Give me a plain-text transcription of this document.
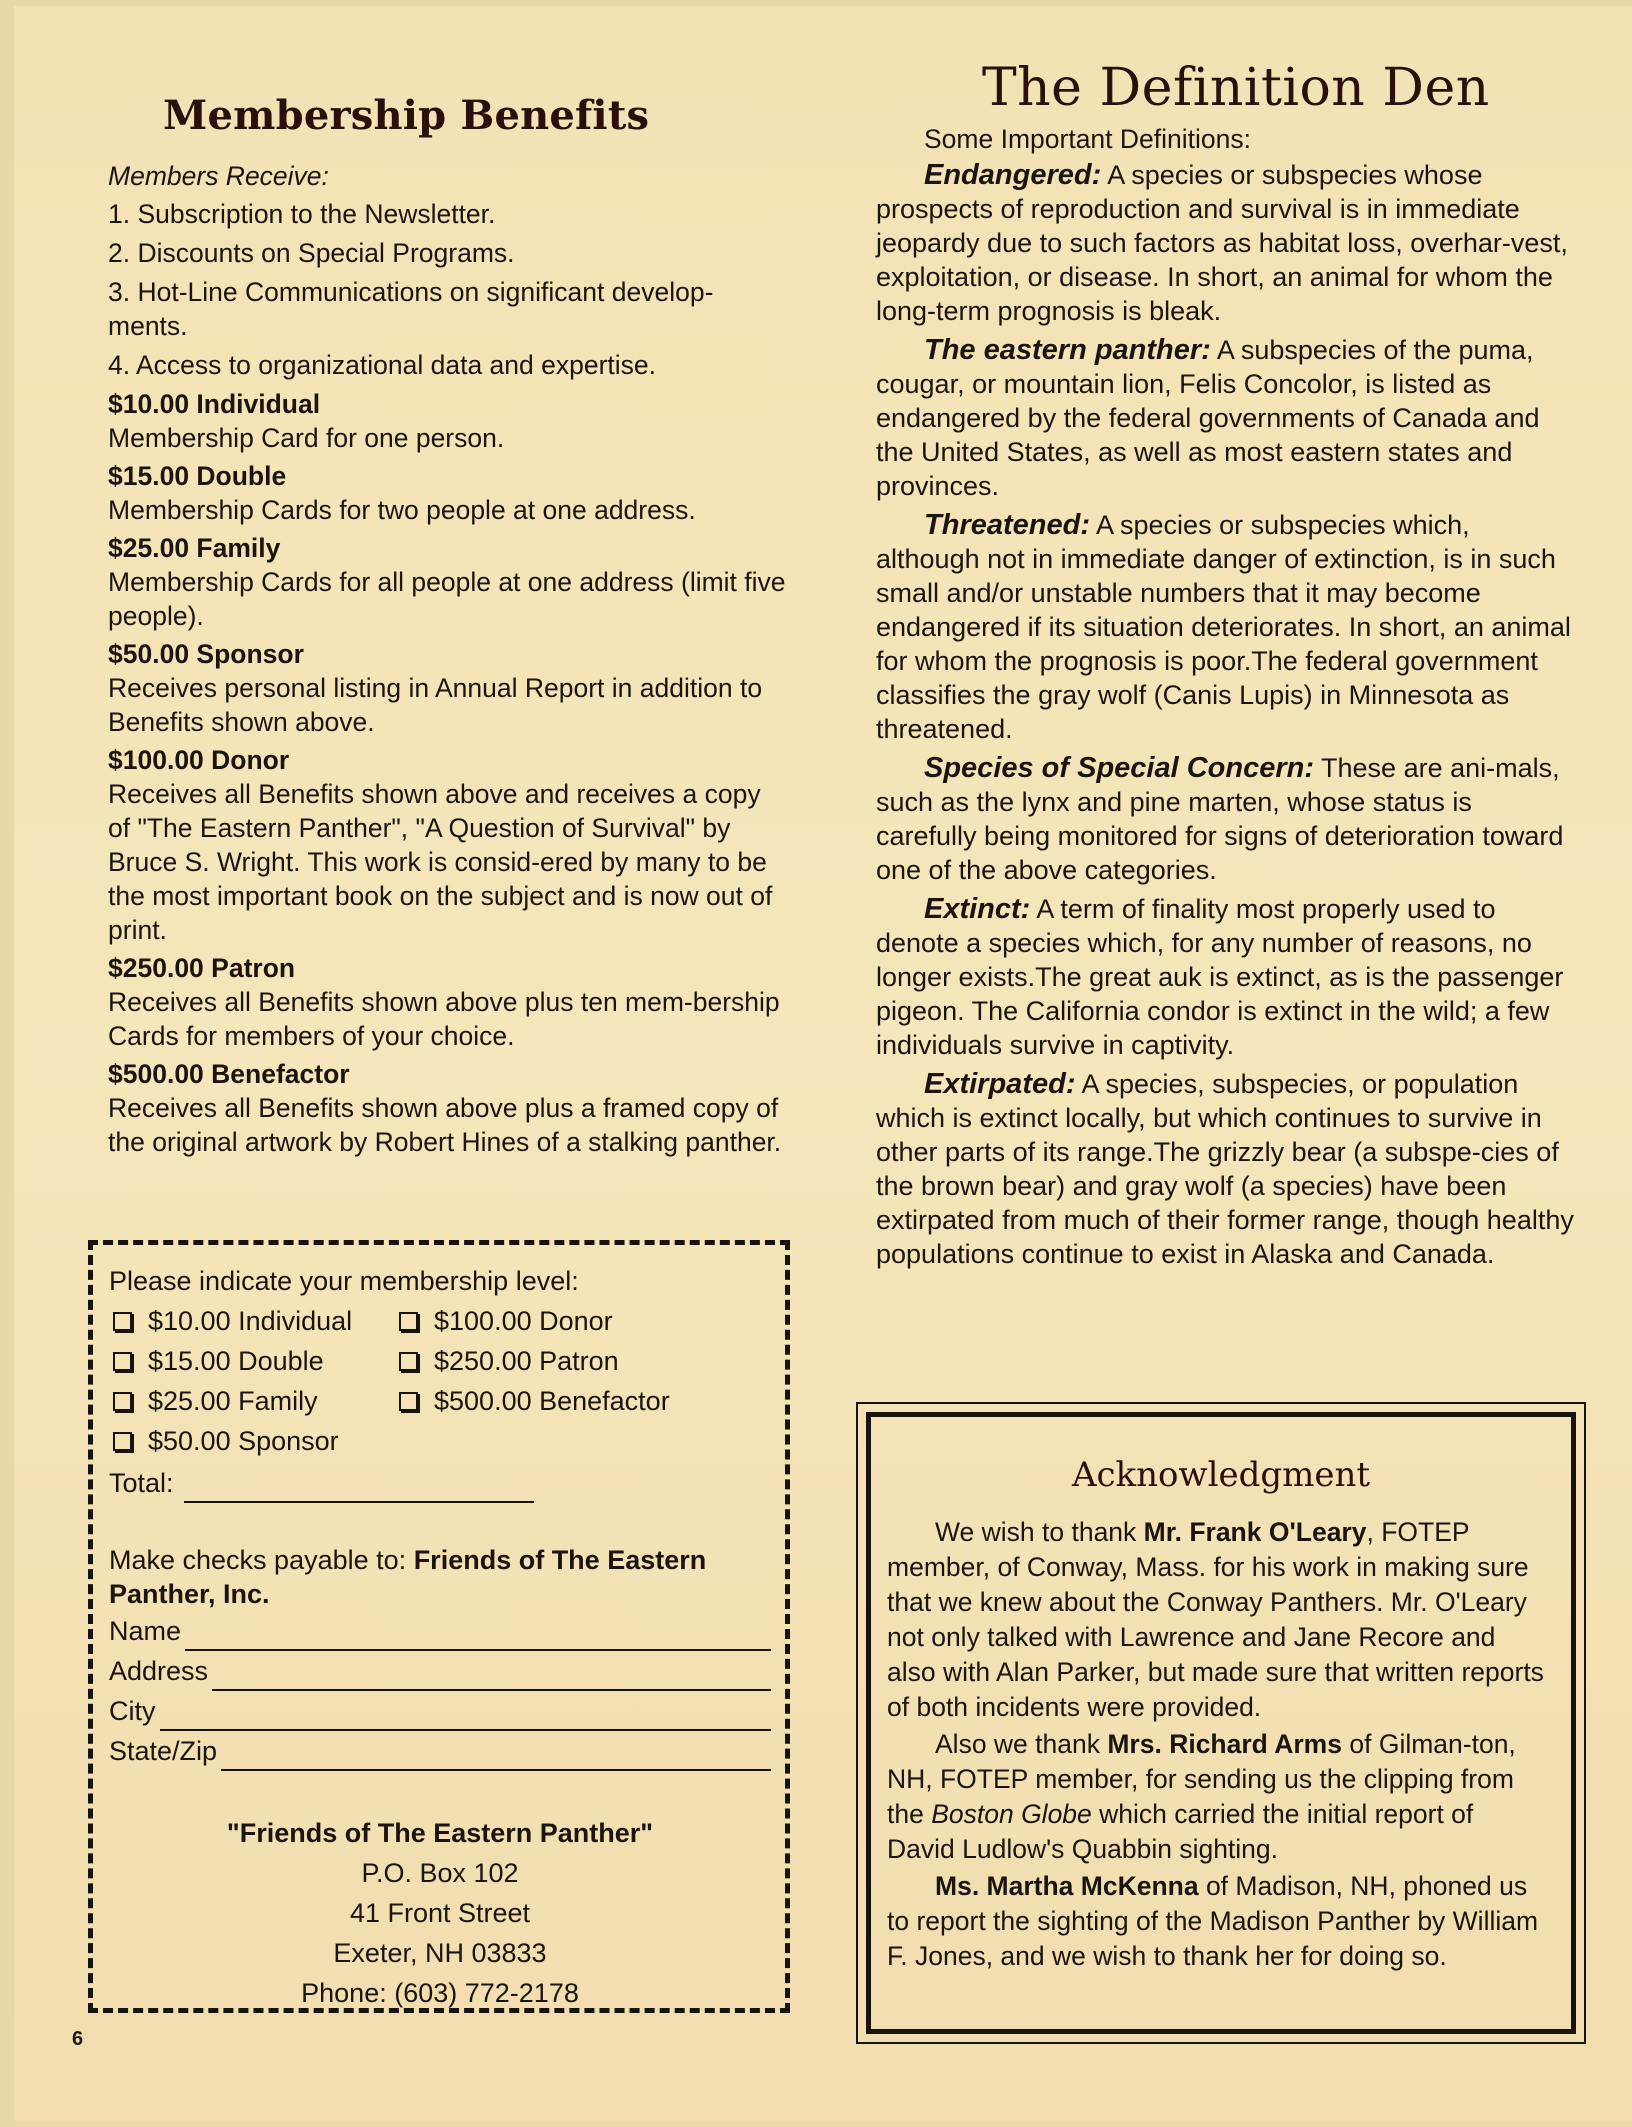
Membership Benefits

Members Receive:

1. Subscription to the Newsletter.

2. Discounts on Special Programs.

3. Hot-Line Communications on significant develop-ments.

4. Access to organizational data and expertise.

$10.00 Individual

Membership Card for one person.

$15.00 Double

Membership Cards for two people at one address.

$25.00 Family

Membership Cards for all people at one address (limit five people).

$50.00 Sponsor

Receives personal listing in Annual Report in addition to Benefits shown above.

$100.00 Donor

Receives all Benefits shown above and receives a copy of "The Eastern Panther", "A Question of Survival" by Bruce S. Wright. This work is consid-ered by many to be the most important book on the subject and is now out of print.

$250.00 Patron

Receives all Benefits shown above plus ten mem-bership Cards for members of your choice.

$500.00 Benefactor

Receives all Benefits shown above plus a framed copy of the original artwork by Robert Hines of a stalking panther.

Please indicate your membership level:

$10.00 Individual	$100.00 Donor
$15.00 Double	$250.00 Patron
$25.00 Family	$500.00 Benefactor
$50.00 Sponsor
Total:

Make checks payable to: Friends of The Eastern Panther, Inc.

Name
Address
City
State/Zip

"Friends of The Eastern Panther"

P.O. Box 102

41 Front Street

Exeter, NH 03833

Phone: (603) 772-2178

6
The Definition Den

Some Important Definitions:

Endangered: A species or subspecies whose prospects of reproduction and survival is in immediate jeopardy due to such factors as habitat loss, overhar-vest, exploitation, or disease. In short, an animal for whom the long-term prognosis is bleak.

The eastern panther: A subspecies of the puma, cougar, or mountain lion, Felis Concolor, is listed as endangered by the federal governments of Canada and the United States, as well as most eastern states and provinces.

Threatened: A species or subspecies which, although not in immediate danger of extinction, is in such small and/or unstable numbers that it may become endangered if its situation deteriorates. In short, an animal for whom the prognosis is poor.The federal government classifies the gray wolf (Canis Lupis) in Minnesota as threatened.

Species of Special Concern: These are ani-mals, such as the lynx and pine marten, whose status is carefully being monitored for signs of deterioration toward one of the above categories.

Extinct: A term of finality most properly used to denote a species which, for any number of reasons, no longer exists.The great auk is extinct, as is the passenger pigeon. The California condor is extinct in the wild; a few individuals survive in captivity.

Extirpated: A species, subspecies, or population which is extinct locally, but which continues to survive in other parts of its range.The grizzly bear (a subspe-cies of the brown bear) and gray wolf (a species) have been extirpated from much of their former range, though healthy populations continue to exist in Alaska and Canada.

Acknowledgment

We wish to thank Mr. Frank O'Leary, FOTEP member, of Conway, Mass. for his work in making sure that we knew about the Conway Panthers. Mr. O'Leary not only talked with Lawrence and Jane Recore and also with Alan Parker, but made sure that written reports of both incidents were provided.

Also we thank Mrs. Richard Arms of Gilman-ton, NH, FOTEP member, for sending us the clipping from the Boston Globe which carried the initial report of David Ludlow's Quabbin sighting.

Ms. Martha McKenna of Madison, NH, phoned us to report the sighting of the Madison Panther by William F. Jones, and we wish to thank her for doing so.
